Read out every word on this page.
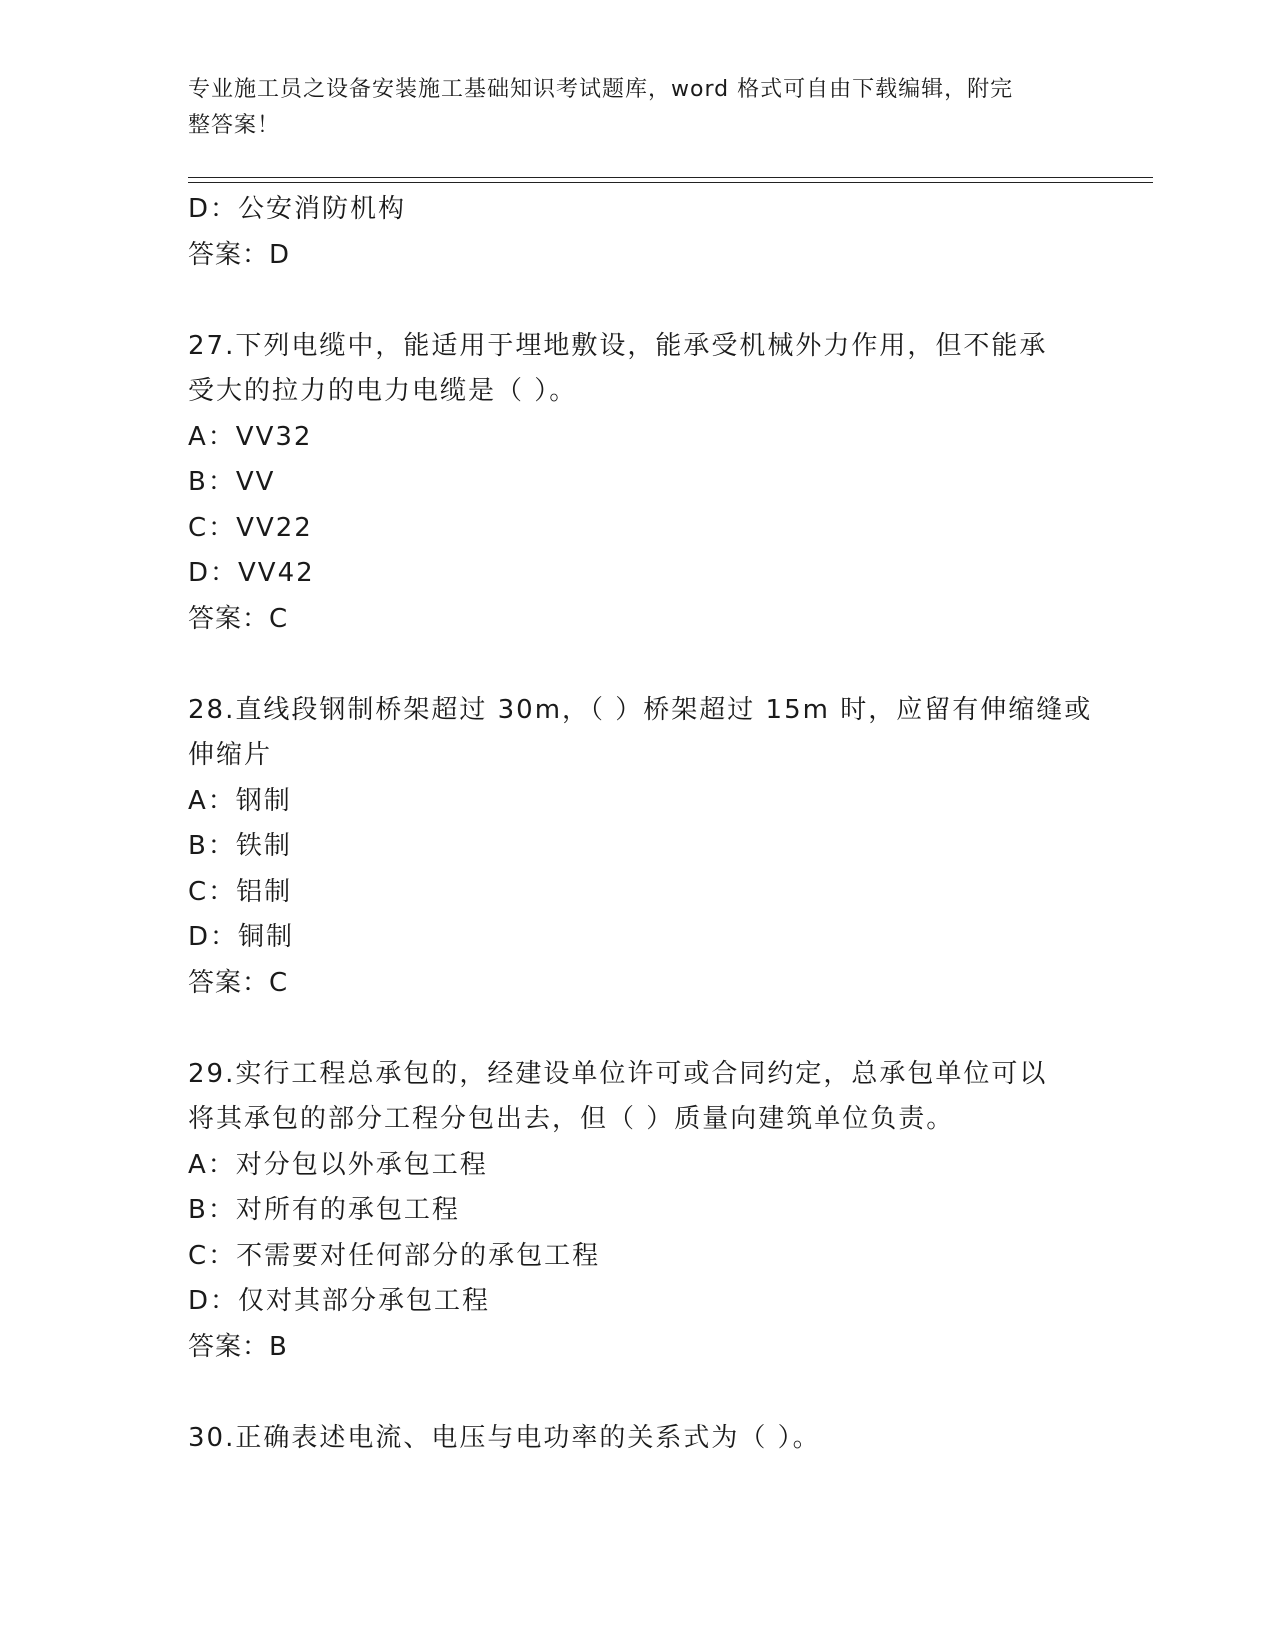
专业施工员之设备安装施工基础知识考试题库，word 格式可自由下载编辑，附完
整答案！
D：公安消防机构
答案：D
27.下列电缆中，能适用于埋地敷设，能承受机械外力作用，但不能承
受大的拉力的电力电缆是（ ）。
A：VV32
B：VV
C：VV22
D：VV42
答案：C
28.直线段钢制桥架超过 30m，（ ）桥架超过 15m 时，应留有伸缩缝或
伸缩片
A：钢制
B：铁制
C：铝制
D：铜制
答案：C
29.实行工程总承包的，经建设单位许可或合同约定，总承包单位可以
将其承包的部分工程分包出去，但（ ）质量向建筑单位负责。
A：对分包以外承包工程
B：对所有的承包工程
C：不需要对任何部分的承包工程
D：仅对其部分承包工程
答案：B
30.正确表述电流、电压与电功率的关系式为（ ）。
